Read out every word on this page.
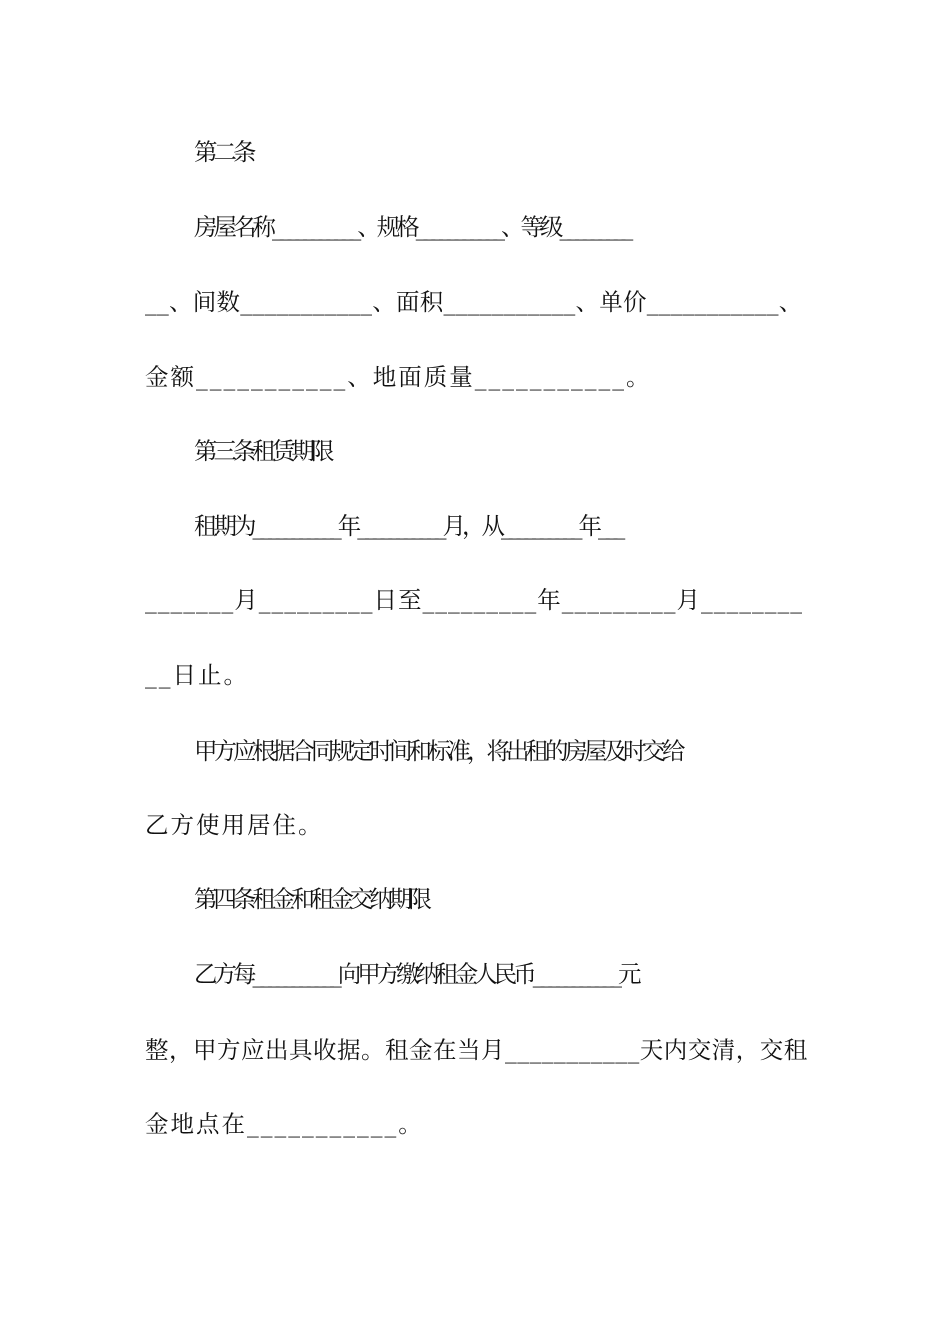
第二条
房屋名称___________、规格___________、等级_________
__、间数___________、面积___________、单价___________、
金额___________、地面质量___________。
第三条租赁期限
租期为___________年___________月，从__________年___
_______月_________日至_________年_________月________
__日止。
甲方应根据合同规定时间和标准，将出租的房屋及时交给
乙方使用居住。
第四条租金和租金交纳期限
乙方每___________向甲方缴纳租金人民币___________元
整，甲方应出具收据。租金在当月___________天内交清，交租
金地点在___________。
